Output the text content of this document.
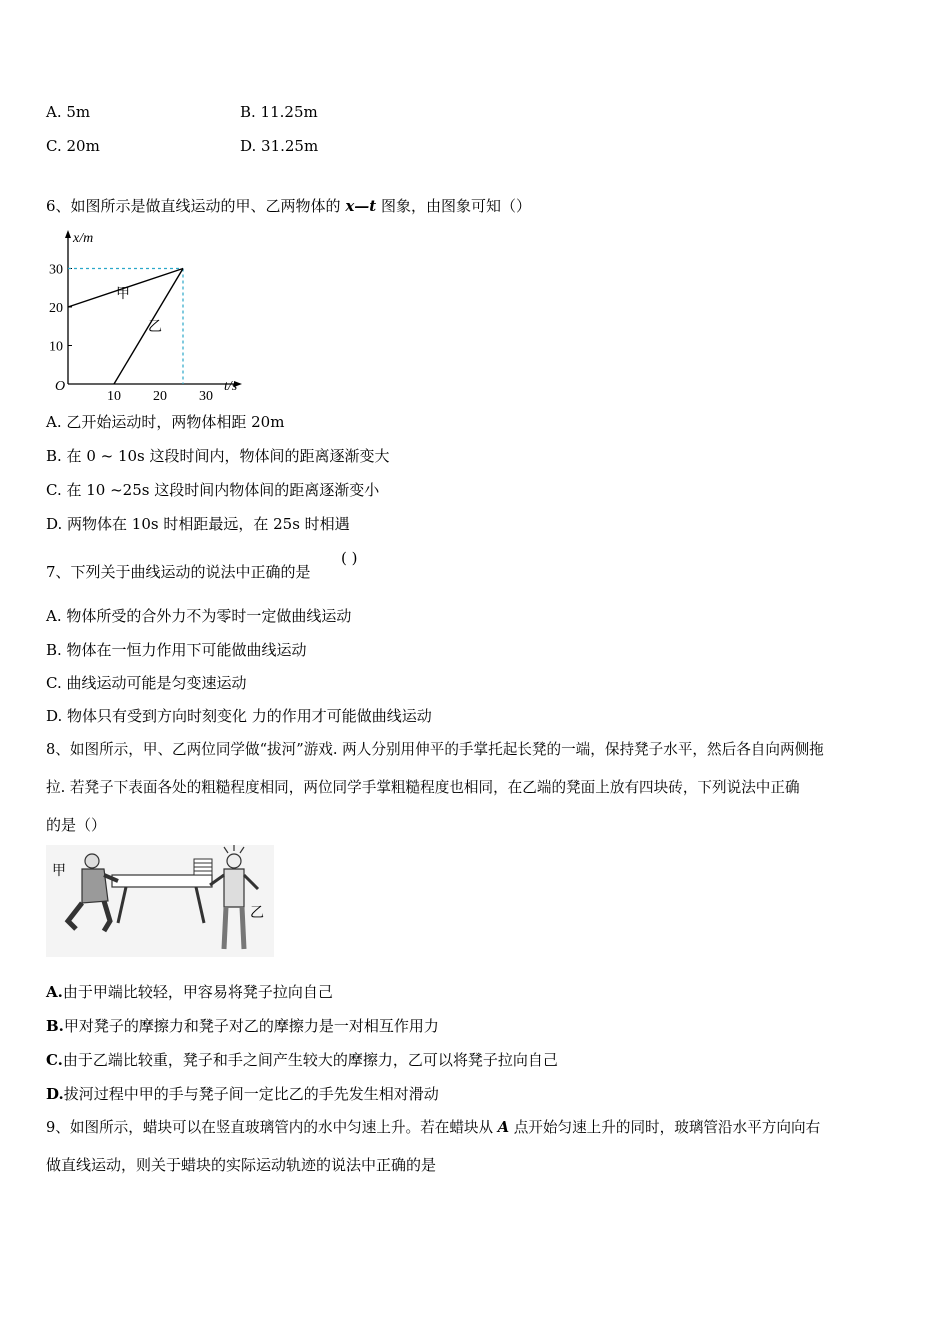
A. 5m	B. 11.25m
C. 20m	D. 31.25m
6、如图所示是做直线运动的甲、乙两物体的 x—t 图象，由图象可知（）
10
20
30
10 20 30
x/m
t/s
O
甲
乙
A. 乙开始运动时，两物体相距 20m
B. 在 0 ~ 10s 这段时间内，物体间的距离逐渐变大
C. 在 10 ~25s 这段时间内物体间的距离逐渐变小
D. 两物体在 10s 时相距最远，在 25s 时相遇
7、下列关于曲线运动的说法中正确的是
( )
A. 物体所受的合外力不为零时一定做曲线运动
B. 物体在一恒力作用下可能做曲线运动
C. 曲线运动可能是匀变速运动
D. 物体只有受到方向时刻变化 力的作用才可能做曲线运动
8、如图所示，甲、乙两位同学做“拔河”游戏. 两人分别用伸平的手掌托起长凳的一端，保持凳子水平，然后各自向两侧拖
拉. 若凳子下表面各处的粗糙程度相同，两位同学手掌粗糙程度也相同，在乙端的凳面上放有四块砖，下列说法中正确
的是（）
甲
乙
A.由于甲端比较轻，甲容易将凳子拉向自己
B.甲对凳子的摩擦力和凳子对乙的摩擦力是一对相互作用力
C.由于乙端比较重，凳子和手之间产生较大的摩擦力，乙可以将凳子拉向自己
D.拔河过程中甲的手与凳子间一定比乙的手先发生相对滑动
9、如图所示，蜡块可以在竖直玻璃管内的水中匀速上升。若在蜡块从 A 点开始匀速上升的同时，玻璃管沿水平方向向右
做直线运动，则关于蜡块的实际运动轨迹的说法中正确的是
